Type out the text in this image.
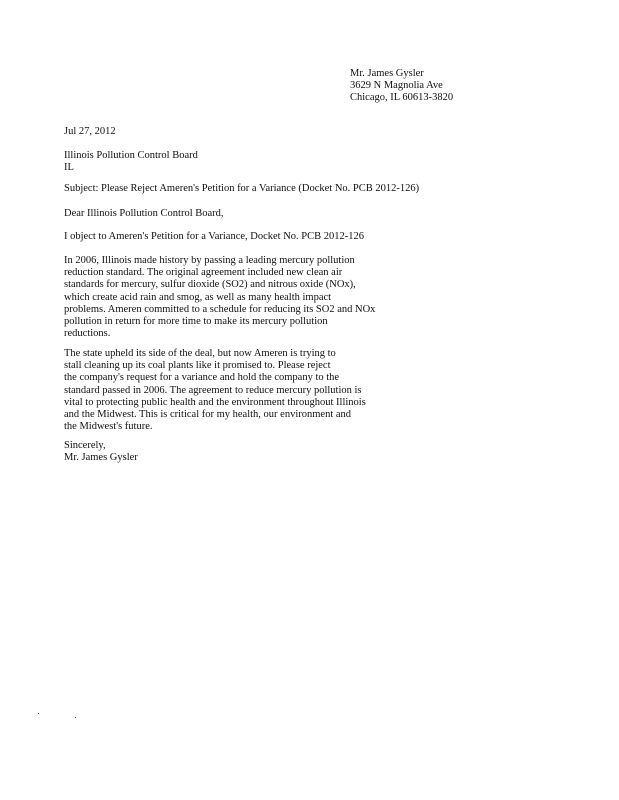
Mr. James Gysler
3629 N Magnolia Ave
Chicago, IL 60613-3820
Jul 27, 2012
Illinois Pollution Control Board
IL
Subject: Please Reject Ameren's Petition for a Variance (Docket No. PCB 2012-126)
Dear Illinois Pollution Control Board,
I object to Ameren's Petition for a Variance, Docket No. PCB 2012-126
In 2006, Illinois made history by passing a leading mercury pollution
reduction standard. The original agreement included new clean air
standards for mercury, sulfur dioxide (SO2) and nitrous oxide (NOx),
which create acid rain and smog, as well as many health impact
problems. Ameren committed to a schedule for reducing its SO2 and NOx
pollution in return for more time to make its mercury pollution
reductions.
The state upheld its side of the deal, but now Ameren is trying to
stall cleaning up its coal plants like it promised to. Please reject
the company's request for a variance and hold the company to the
standard passed in 2006. The agreement to reduce mercury pollution is
vital to protecting public health and the environment throughout Illinois
and the Midwest. This is critical for my health, our environment and
the Midwest's future.
Sincerely,
Mr. James Gysler
